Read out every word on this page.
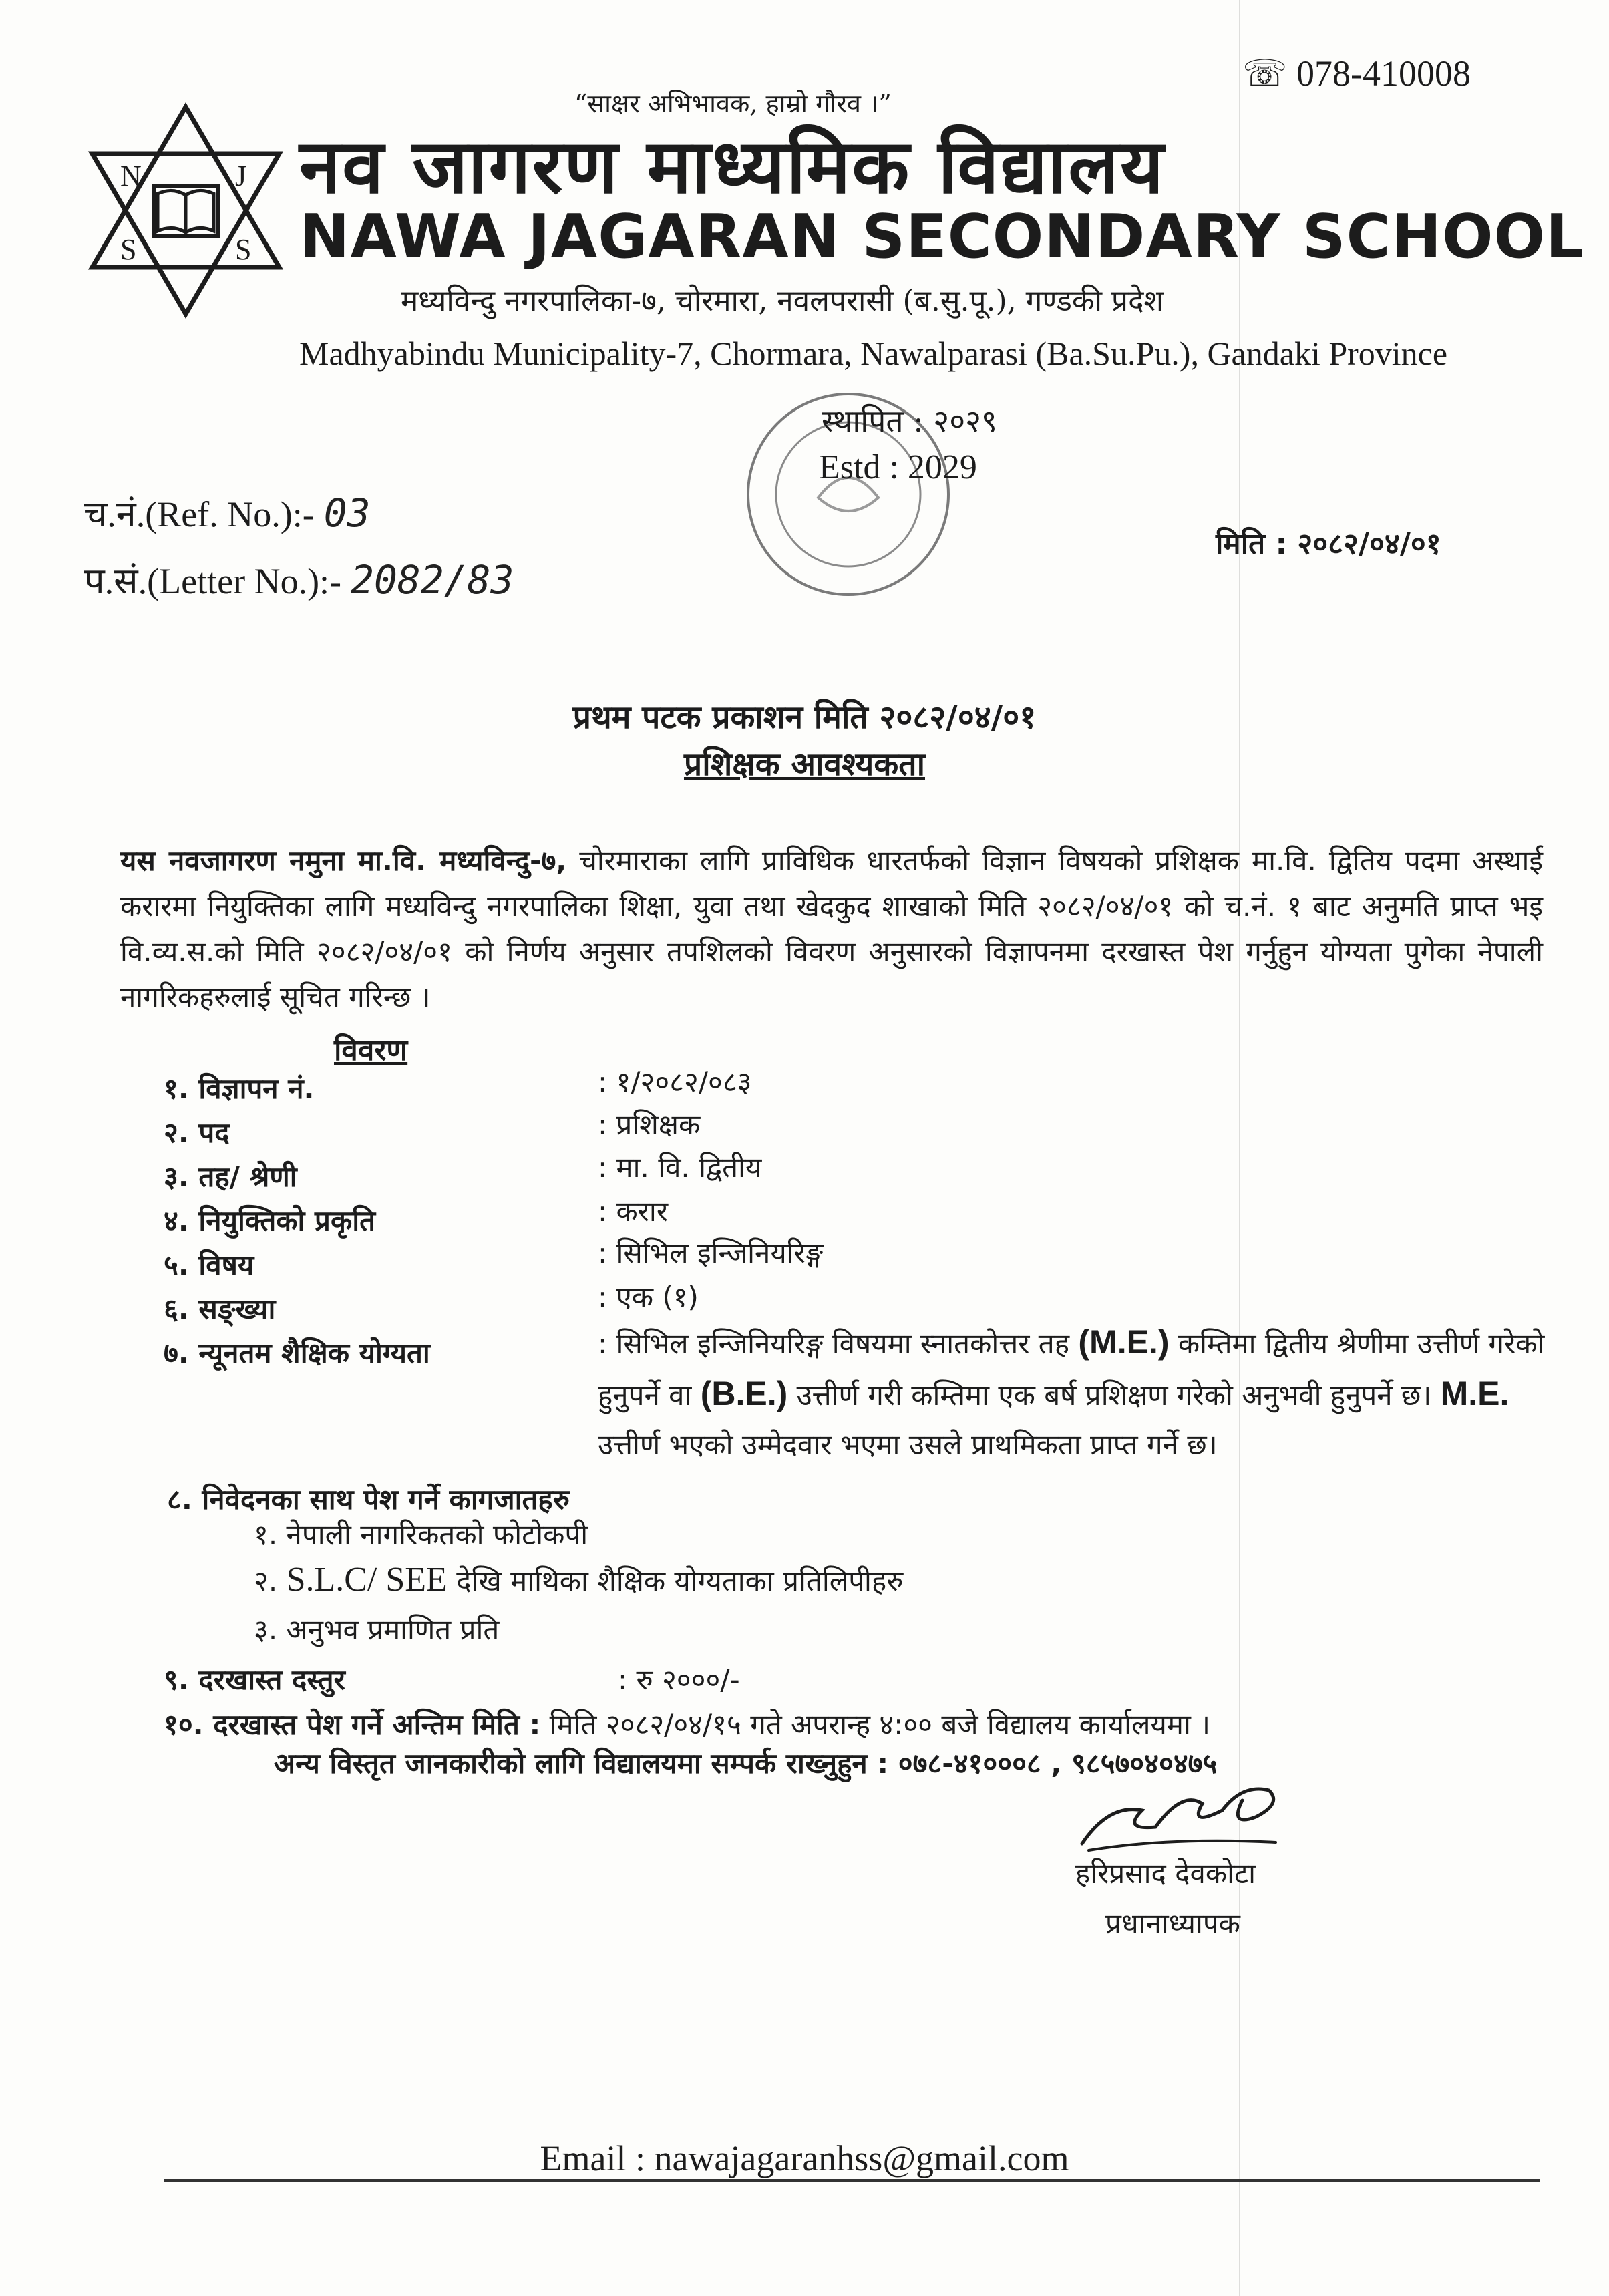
☏ 078-410008
“साक्षर अभिभावक, हाम्रो गौरव ।”
N	J
S	S
नव जागरण माध्यमिक विद्यालय
NAWA JAGARAN SECONDARY SCHOOL
मध्यविन्दु नगरपालिका-७, चोरमारा, नवलपरासी (ब.सु.पू.), गण्डकी प्रदेश
Madhyabindu Municipality-7, Chormara, Nawalparasi (Ba.Su.Pu.), Gandaki Province
स्थापित : २०२९
Estd : 2029
च.नं.(Ref. No.):- 03
प.सं.(Letter No.):- 2082/83
मिति : २०८२/०४/०१
प्रथम पटक प्रकाशन मिति २०८२/०४/०१
प्रशिक्षक आवश्यकता

यस नवजागरण नमुना मा.वि. मध्यविन्दु-७, चोरमाराका लागि प्राविधिक धारतर्फको विज्ञान विषयको प्रशिक्षक मा.वि. द्वितिय पदमा अस्थाई करारमा नियुक्तिका लागि मध्यविन्दु नगरपालिका शिक्षा, युवा तथा खेदकुद शाखाको मिति २०८२/०४/०१ को च.नं. १ बाट अनुमति प्राप्त भइ वि.व्य.स.को मिति २०८२/०४/०१ को निर्णय अनुसार तपशिलको विवरण अनुसारको विज्ञापनमा दरखास्त पेश गर्नुहुन योग्यता पुगेका नेपाली नागरिकहरुलाई सूचित गरिन्छ ।

विवरण
१. विज्ञापन नं.	: १/२०८२/०८३
२. पद	: प्रशिक्षक
३. तह/ श्रेणी	: मा. वि. द्वितीय
४. नियुक्तिको प्रकृति	: करार
५. विषय	: सिभिल इन्जिनियरिङ्ग
६. सङ्ख्या	: एक (१)
७. न्यूनतम शैक्षिक योग्यता	: सिभिल इन्जिनियरिङ्ग विषयमा स्नातकोत्तर तह (M.E.) कम्तिमा द्वितीय श्रेणीमा उत्तीर्ण गरेको हुनुपर्ने वा (B.E.) उत्तीर्ण गरी कम्तिमा एक बर्ष प्रशिक्षण गरेको अनुभवी हुनुपर्ने छ। M.E. उत्तीर्ण भएको उम्मेदवार भएमा उसले प्राथमिकता प्राप्त गर्ने छ।
८. निवेदनका साथ पेश गर्ने कागजातहरु
१. नेपाली नागरिकतको फोटोकपी
२. S.L.C/ SEE देखि माथिका शैक्षिक योग्यताका प्रतिलिपीहरु
३. अनुभव प्रमाणित प्रति
९. दरखास्त दस्तुर	: रु २०००/-
१०. दरखास्त पेश गर्ने अन्तिम मिति : मिति २०८२/०४/१५ गते अपरान्ह ४:०० बजे विद्यालय कार्यालयमा ।
अन्य विस्तृत जानकारीको लागि विद्यालयमा सम्पर्क राख्नुहुन : ०७८-४१०००८ , ९८५७०४०४७५
हरिप्रसाद देवकोटा
प्रधानाध्यापक
Email : nawajagaranhss@gmail.com
